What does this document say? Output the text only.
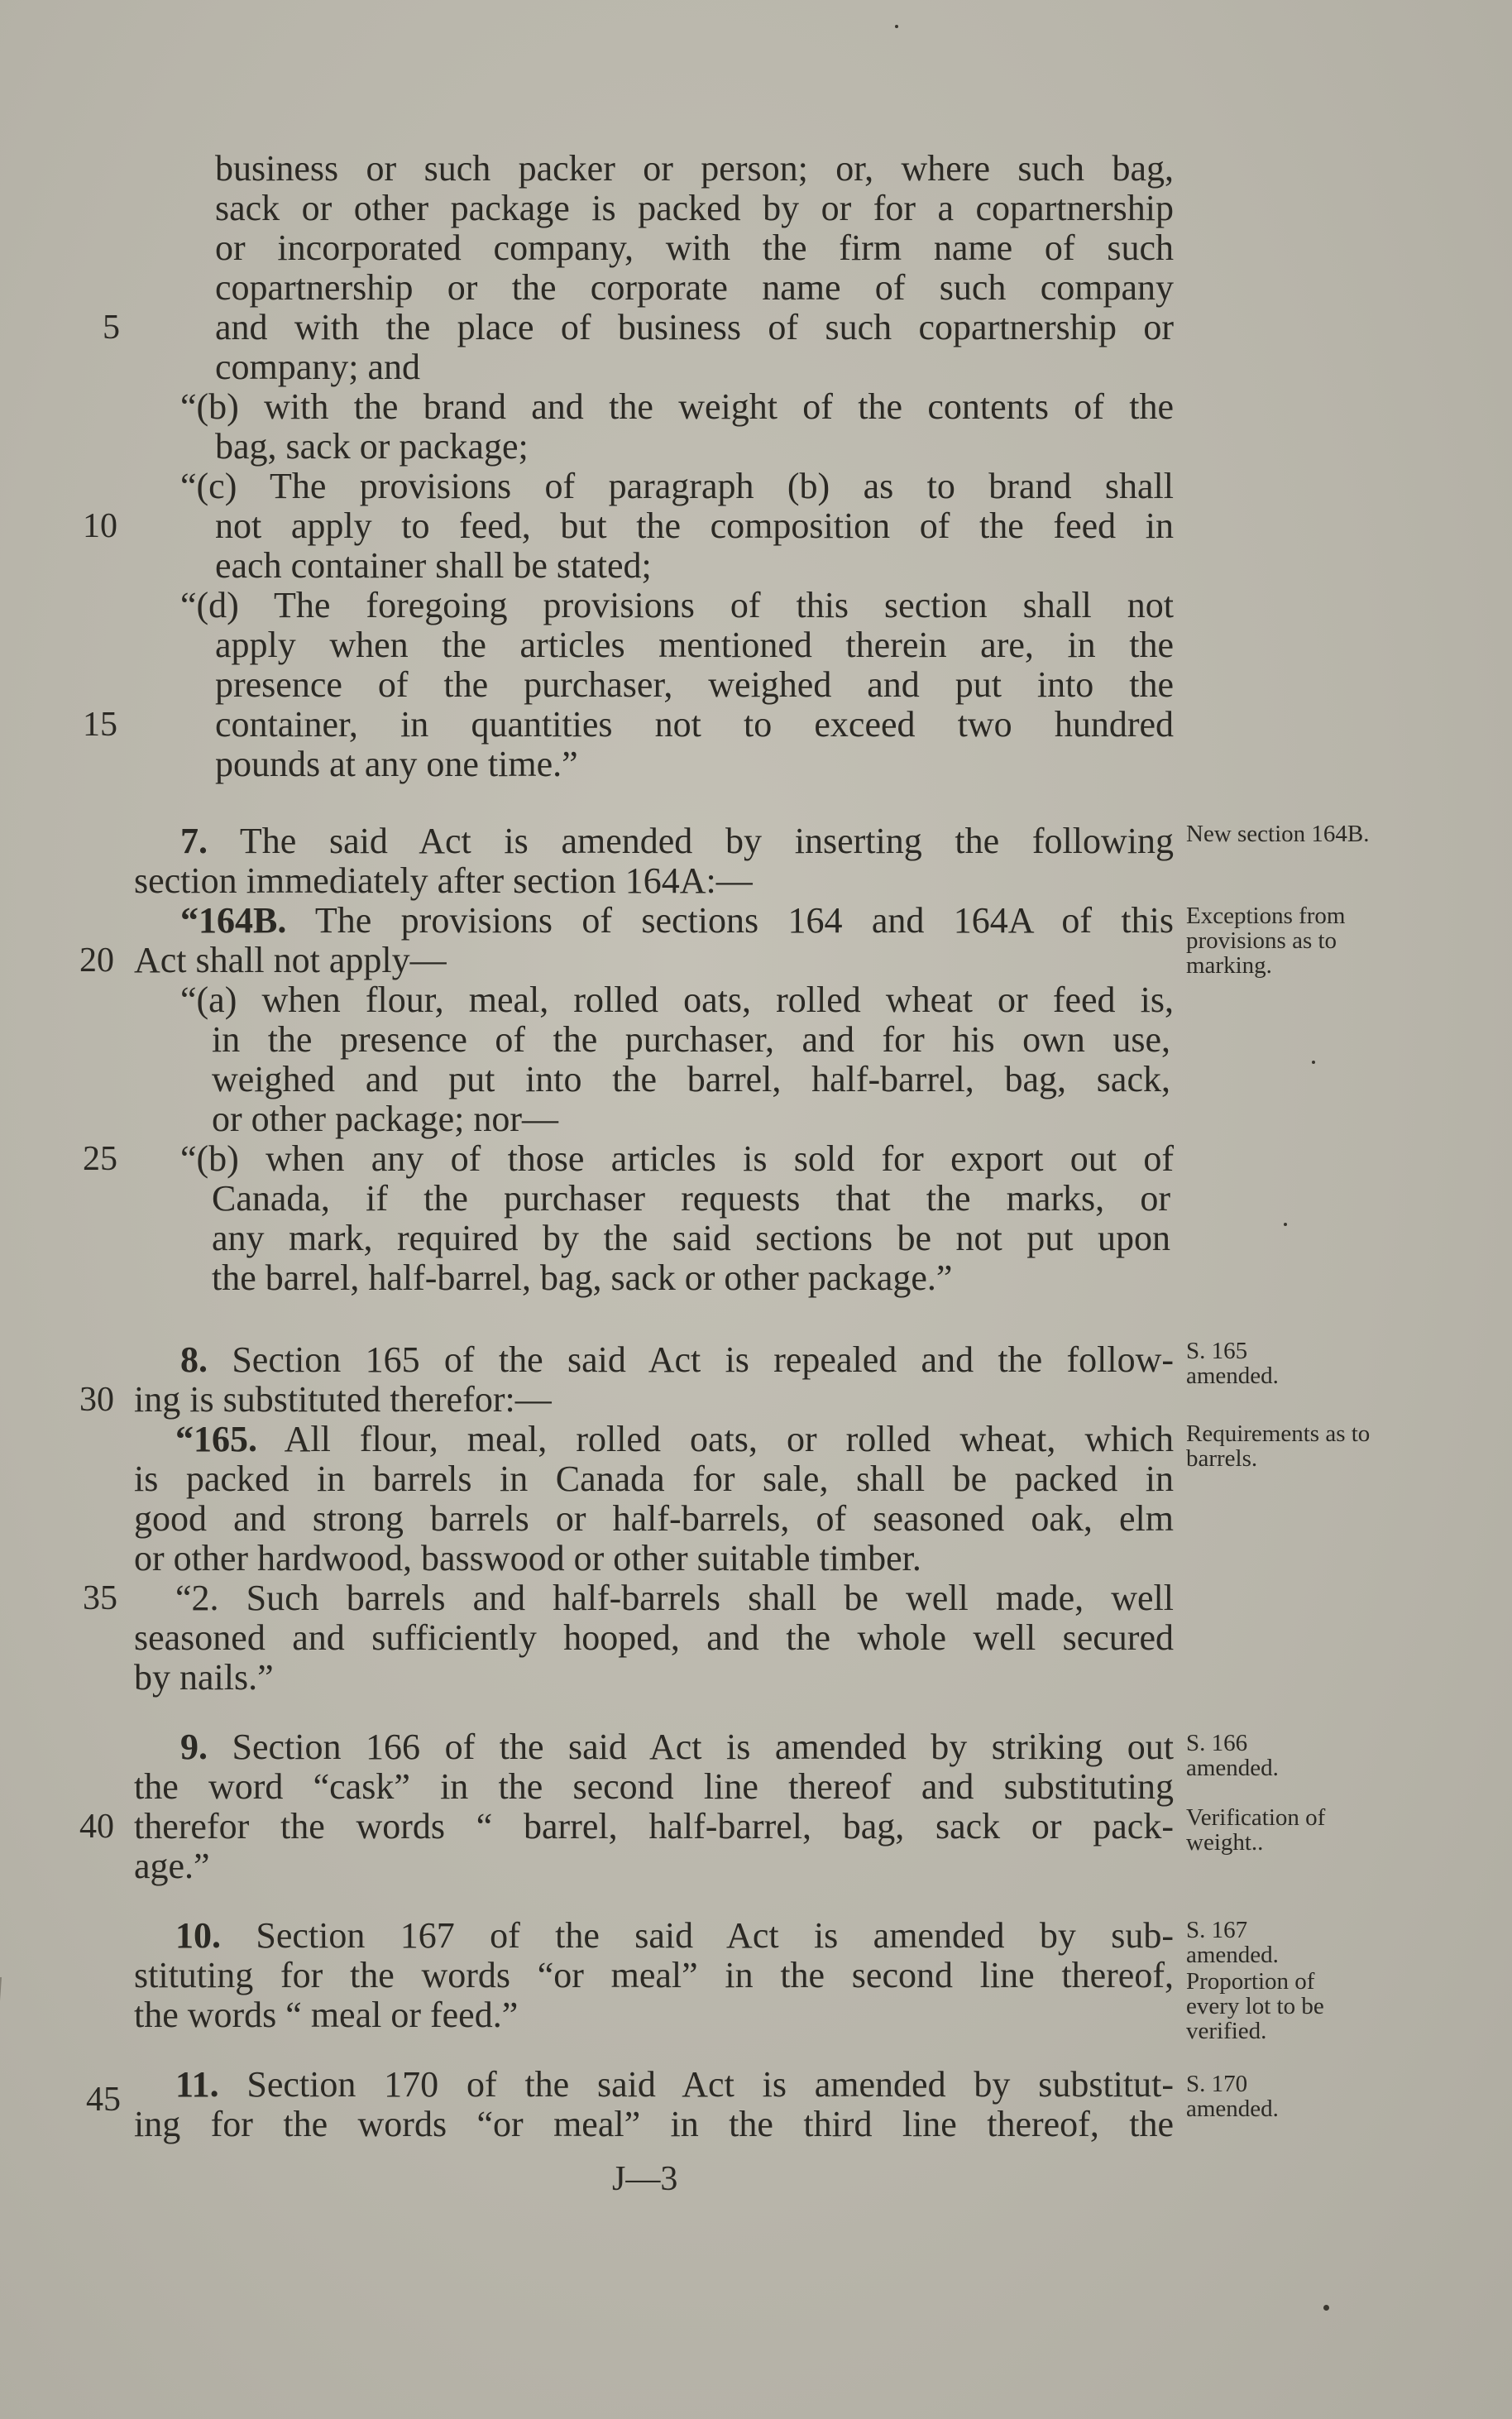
business or such packer or person; or, where such bag,
sack or other package is packed by or for a copartnership
or incorporated company, with the firm name of such
copartnership or the corporate name of such company
5	and with the place of business of such copartnership or
company; and
“(b) with the brand and the weight of the contents of the
bag, sack or package;
“(c) The provisions of paragraph (b) as to brand shall
10	not apply to feed, but the composition of the feed in
each container shall be stated;
“(d) The foregoing provisions of this section shall not
apply when the articles mentioned therein are, in the
presence of the purchaser, weighed and put into the
15	container, in quantities not to exceed two hundred
pounds at any one time.”
7. The said Act is amended by inserting the following New section 164B.
section immediately after section 164A:—
“164B. The provisions of sections 164 and 164A of this Exceptions from provisions as to marking.
20 Act shall not apply—
“(a) when flour, meal, rolled oats, rolled wheat or feed is,
in the presence of the purchaser, and for his own use,
weighed and put into the barrel, half-barrel, bag, sack,
or other package; nor—
25	“(b) when any of those articles is sold for export out of
Canada, if the purchaser requests that the marks, or
any mark, required by the said sections be not put upon
the barrel, half-barrel, bag, sack or other package.”
8. Section 165 of the said Act is repealed and the follow- S. 165 amended.
30 ing is substituted therefor:—
“165. All flour, meal, rolled oats, or rolled wheat, which Requirements as to barrels.
is packed in barrels in Canada for sale, shall be packed in
good and strong barrels or half-barrels, of seasoned oak, elm
or other hardwood, basswood or other suitable timber.
35	“2. Such barrels and half-barrels shall be well made, well
seasoned and sufficiently hooped, and the whole well secured
by nails.”
9. Section 166 of the said Act is amended by striking out S. 166 amended.
the word “cask” in the second line thereof and substituting
Verification of weight..
40 therefor the words “ barrel, half-barrel, bag, sack or pack-
age.”
10. Section 167 of the said Act is amended by sub- S. 167 amended.
stituting for the words “or meal” in the second line thereof, Proportion of every lot to be verified.
the words “ meal or feed.”
45	11. Section 170 of the said Act is amended by substitut- S. 170 amended.
ing for the words “or meal” in the third line thereof, the
J—3
